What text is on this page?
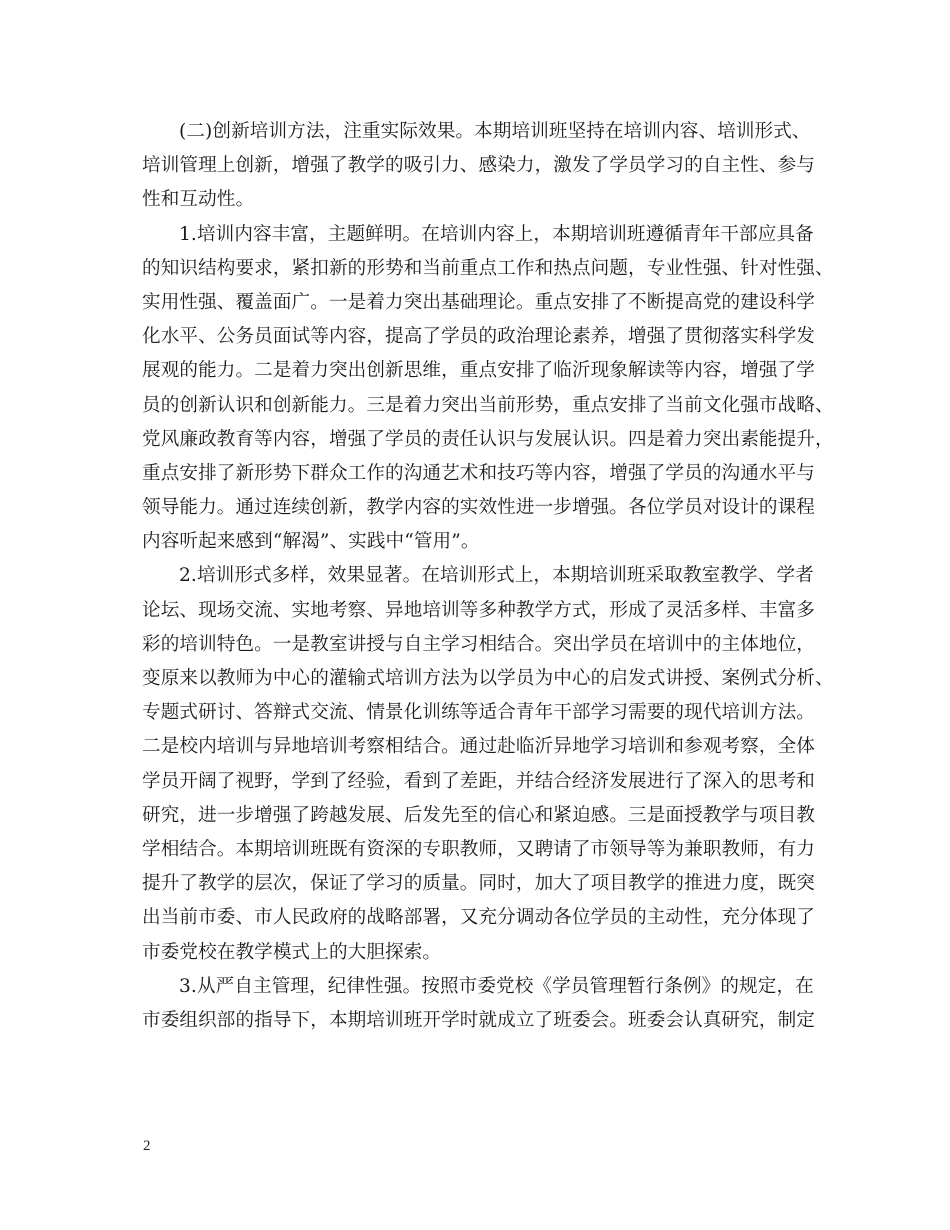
(二)创新培训方法，注重实际效果。本期培训班坚持在培训内容、培训形式、
培训管理上创新，增强了教学的吸引力、感染力，激发了学员学习的自主性、参与
性和互动性。
1.培训内容丰富，主题鲜明。在培训内容上，本期培训班遵循青年干部应具备
的知识结构要求，紧扣新的形势和当前重点工作和热点问题，专业性强、针对性强、
实用性强、覆盖面广。一是着力突出基础理论。重点安排了不断提高党的建设科学
化水平、公务员面试等内容，提高了学员的政治理论素养，增强了贯彻落实科学发
展观的能力。二是着力突出创新思维，重点安排了临沂现象解读等内容，增强了学
员的创新认识和创新能力。三是着力突出当前形势，重点安排了当前文化强市战略、
党风廉政教育等内容，增强了学员的责任认识与发展认识。四是着力突出素能提升，
重点安排了新形势下群众工作的沟通艺术和技巧等内容，增强了学员的沟通水平与
领导能力。通过连续创新，教学内容的实效性进一步增强。各位学员对设计的课程
内容听起来感到“解渴”、实践中“管用”。
2.培训形式多样，效果显著。在培训形式上，本期培训班采取教室教学、学者
论坛、现场交流、实地考察、异地培训等多种教学方式，形成了灵活多样、丰富多
彩的培训特色。一是教室讲授与自主学习相结合。突出学员在培训中的主体地位，
变原来以教师为中心的灌输式培训方法为以学员为中心的启发式讲授、案例式分析、
专题式研讨、答辩式交流、情景化训练等适合青年干部学习需要的现代培训方法。
二是校内培训与异地培训考察相结合。通过赴临沂异地学习培训和参观考察，全体
学员开阔了视野，学到了经验，看到了差距，并结合经济发展进行了深入的思考和
研究，进一步增强了跨越发展、后发先至的信心和紧迫感。三是面授教学与项目教
学相结合。本期培训班既有资深的专职教师，又聘请了市领导等为兼职教师，有力
提升了教学的层次，保证了学习的质量。同时，加大了项目教学的推进力度，既突
出当前市委、市人民政府的战略部署，又充分调动各位学员的主动性，充分体现了
市委党校在教学模式上的大胆探索。
3.从严自主管理，纪律性强。按照市委党校《学员管理暂行条例》的规定，在
市委组织部的指导下，本期培训班开学时就成立了班委会。班委会认真研究，制定
2
